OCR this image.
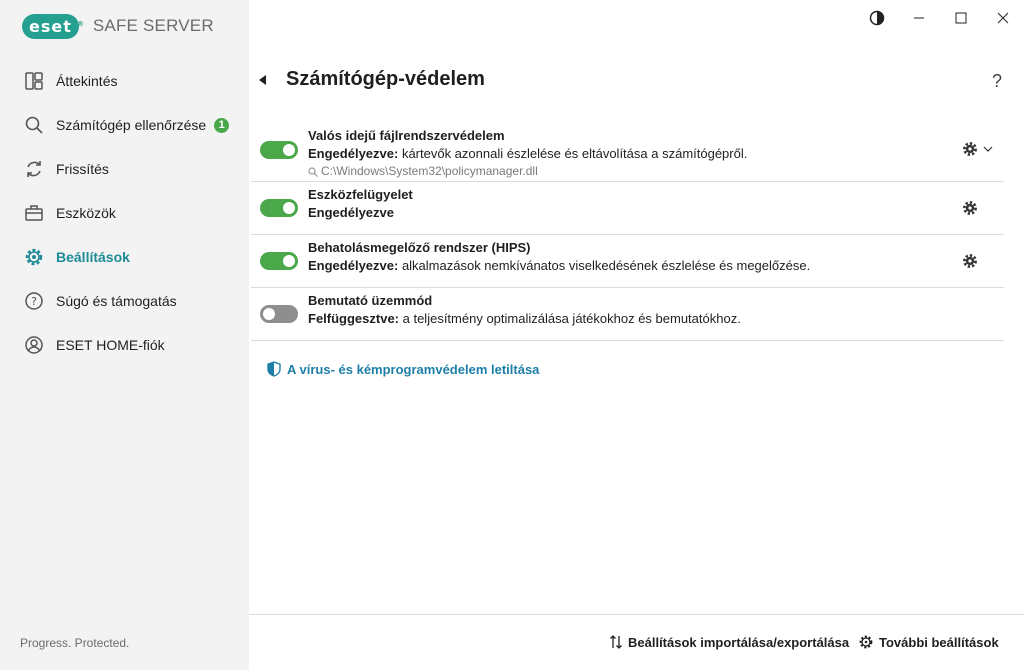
eset ® SAFE SERVER
Áttekintés
Számítógép ellenőrzése	1
Frissítés
Eszközök
Beállítások
? Súgó és támogatás
ESET HOME-fiók
Progress. Protected.
Számítógép-védelem	?
Valós idejű fájlrendszervédelem
Engedélyezve: kártevők azonnali észlelése és eltávolítása a számítógépről.
C:\Windows\System32\policymanager.dll
Eszközfelügyelet
Engedélyezve
Behatolásmegelőző rendszer (HIPS)
Engedélyezve: alkalmazások nemkívánatos viselkedésének észlelése és megelőzése.
Bemutató üzemmód
Felfüggesztve: a teljesítmény optimalizálása játékokhoz és bemutatókhoz.
A vírus- és kémprogramvédelem letiltása
Beállítások importálása/exportálása További beállítások
